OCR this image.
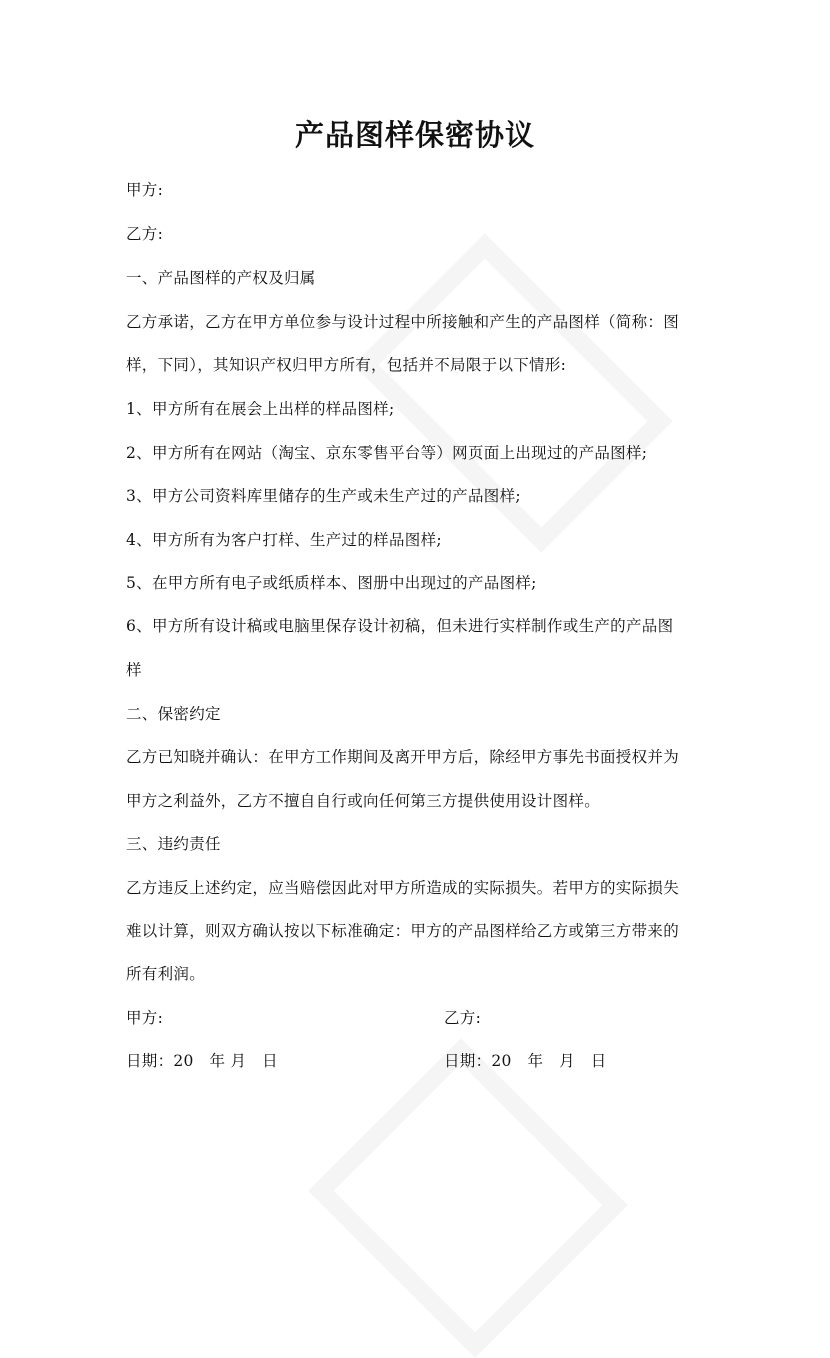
产品图样保密协议
甲方:
乙方:
一、产品图样的产权及归属
乙方承诺，乙方在甲方单位参与设计过程中所接触和产生的产品图样（简称：图
样，下同），其知识产权归甲方所有，包括并不局限于以下情形:
1、甲方所有在展会上出样的样品图样;
2、甲方所有在网站（淘宝、京东零售平台等）网页面上出现过的产品图样;
3、甲方公司资料库里储存的生产或未生产过的产品图样;
4、甲方所有为客户打样、生产过的样品图样;
5、在甲方所有电子或纸质样本、图册中出现过的产品图样;
6、甲方所有设计稿或电脑里保存设计初稿，但未进行实样制作或生产的产品图
样
二、保密约定
乙方已知晓并确认：在甲方工作期间及离开甲方后，除经甲方事先书面授权并为
甲方之利益外，乙方不擅自自行或向任何第三方提供使用设计图样。
三、违约责任
乙方违反上述约定，应当赔偿因此对甲方所造成的实际损失。若甲方的实际损失
难以计算，则双方确认按以下标准确定：甲方的产品图样给乙方或第三方带来的
所有利润。
甲方:	乙方:
日期：20　年 月　日	日期：20　年　月　日
